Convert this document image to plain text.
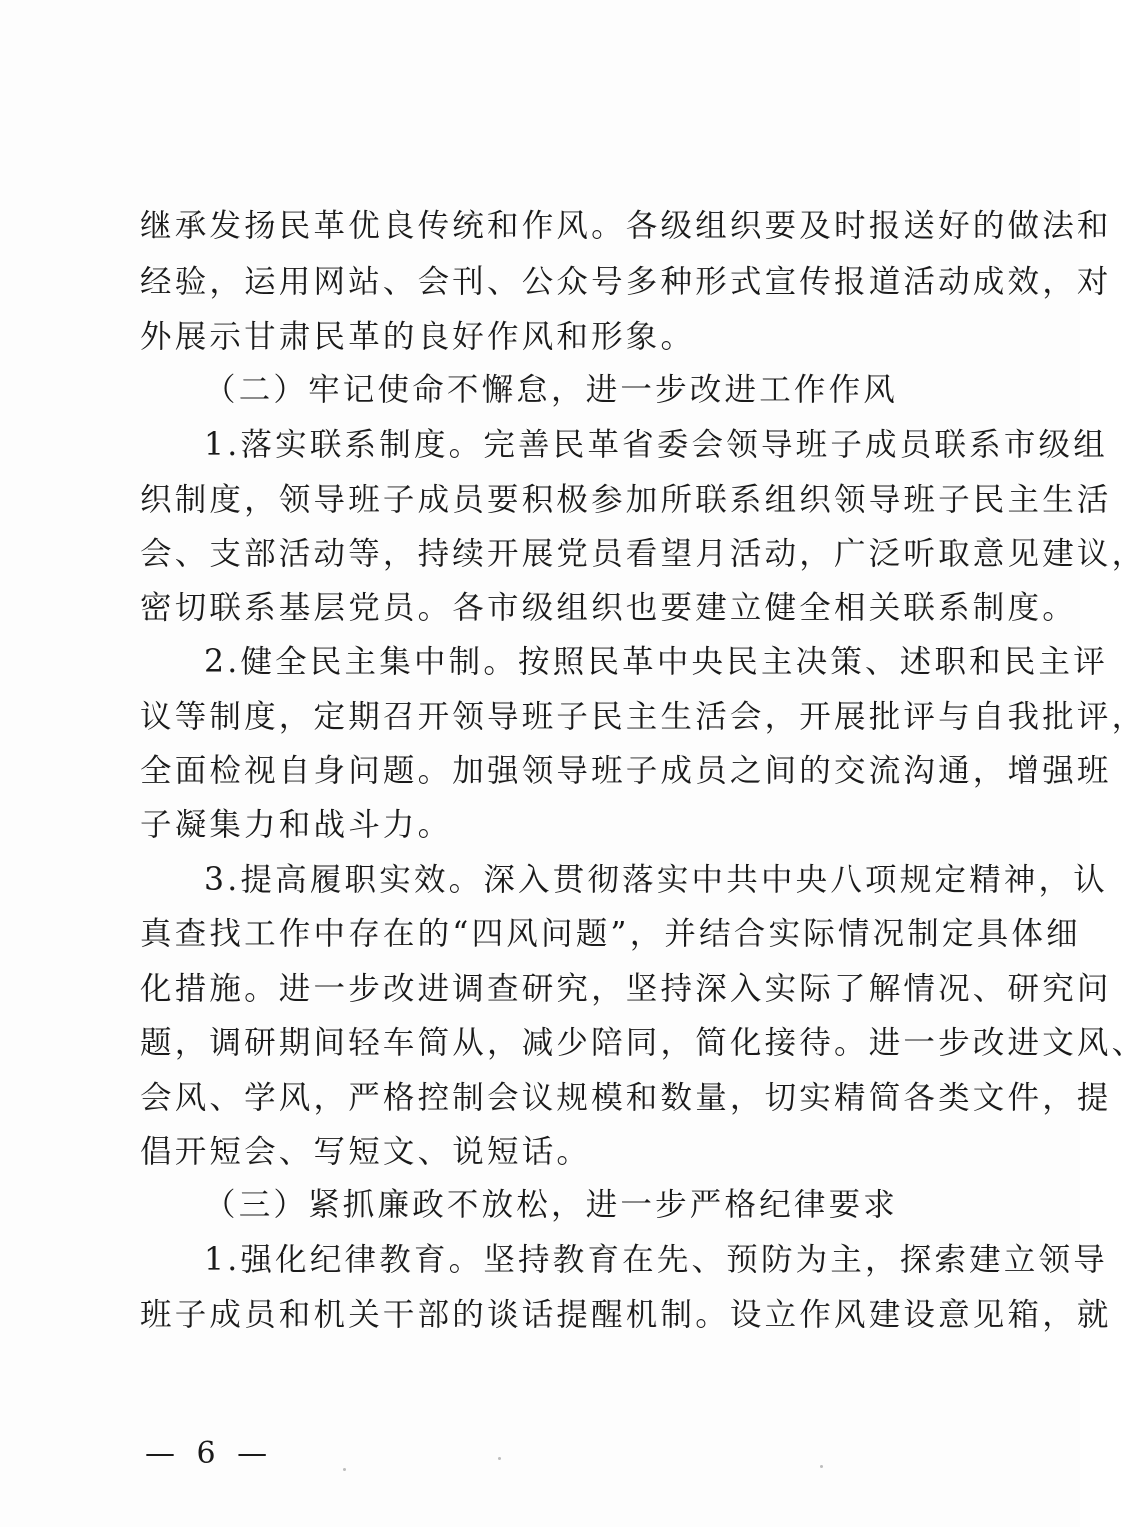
继承发扬民革优良传统和作风。各级组织要及时报送好的做法和
经验，运用网站、会刊、公众号多种形式宣传报道活动成效，对
外展示甘肃民革的良好作风和形象。
（二）牢记使命不懈怠，进一步改进工作作风
1.落实联系制度。完善民革省委会领导班子成员联系市级组
织制度，领导班子成员要积极参加所联系组织领导班子民主生活
会、支部活动等，持续开展党员看望月活动，广泛听取意见建议，
密切联系基层党员。各市级组织也要建立健全相关联系制度。
2.健全民主集中制。按照民革中央民主决策、述职和民主评
议等制度，定期召开领导班子民主生活会，开展批评与自我批评，
全面检视自身问题。加强领导班子成员之间的交流沟通，增强班
子凝集力和战斗力。
3.提高履职实效。深入贯彻落实中共中央八项规定精神，认
真查找工作中存在的“四风问题”，并结合实际情况制定具体细
化措施。进一步改进调查研究，坚持深入实际了解情况、研究问
题，调研期间轻车简从，减少陪同，简化接待。进一步改进文风、
会风、学风，严格控制会议规模和数量，切实精简各类文件，提
倡开短会、写短文、说短话。
（三）紧抓廉政不放松，进一步严格纪律要求
1.强化纪律教育。坚持教育在先、预防为主，探索建立领导
班子成员和机关干部的谈话提醒机制。设立作风建设意见箱，就
— 6 —
